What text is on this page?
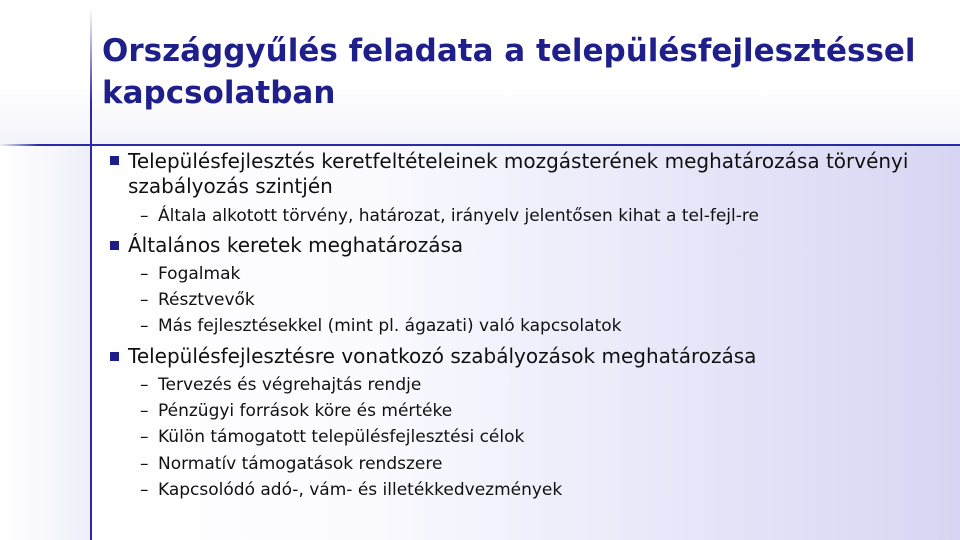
Országgyűlés feladata a településfejlesztéssel kapcsolatban
Településfejlesztés keretfeltételeinek mozgásterének meghatározása törvényi szabályozás szintjén
– Általa alkotott törvény, határozat, irányelv jelentősen kihat a tel-fejl-re
Általános keretek meghatározása
– Fogalmak
– Résztvevők
– Más fejlesztésekkel (mint pl. ágazati) való kapcsolatok
Településfejlesztésre vonatkozó szabályozások meghatározása
– Tervezés és végrehajtás rendje
– Pénzügyi források köre és mértéke
– Külön támogatott településfejlesztési célok
– Normatív támogatások rendszere
– Kapcsolódó adó-, vám- és illetékkedvezmények
